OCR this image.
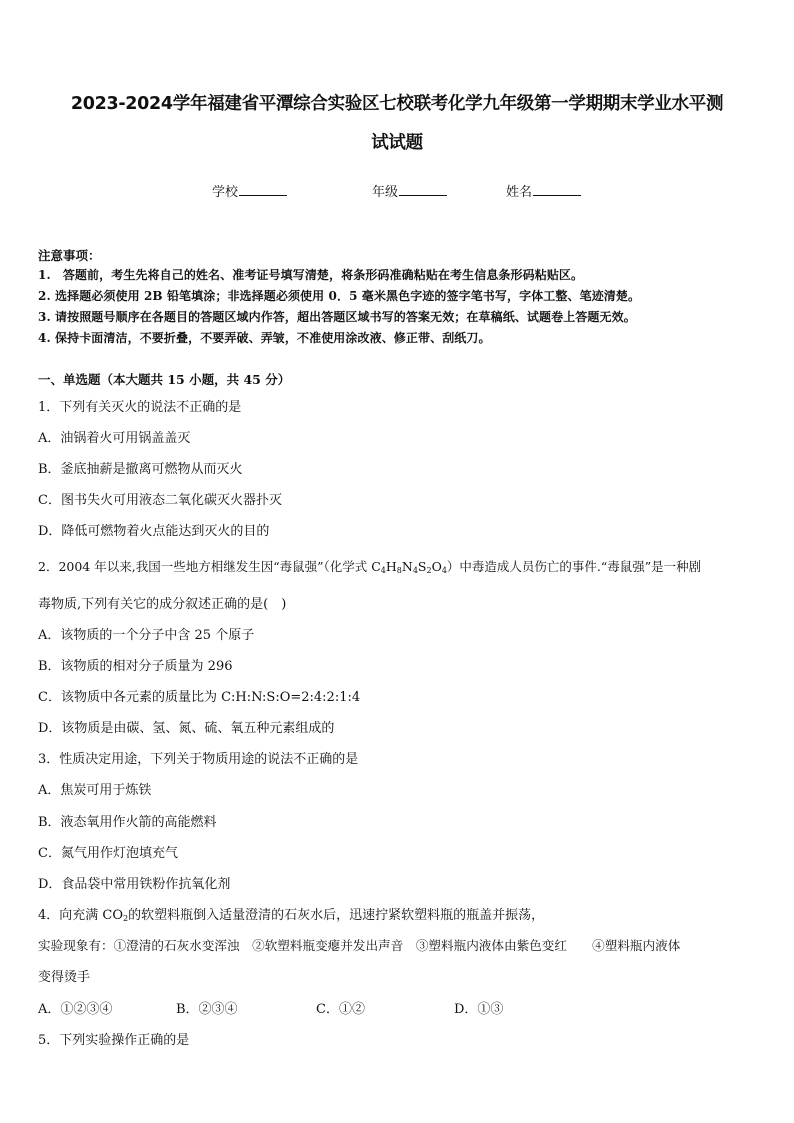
2023-2024学年福建省平潭综合实验区七校联考化学九年级第一学期期末学业水平测
试试题
学校	年级	姓名
注意事项：
1.　答题前，考生先将自己的姓名、准考证号填写清楚，将条形码准确粘贴在考生信息条形码粘贴区。
2. 选择题必须使用 2B 铅笔填涂；非选择题必须使用 0．5 毫米黑色字迹的签字笔书写，字体工整、笔迹清楚。
3. 请按照题号顺序在各题目的答题区域内作答，超出答题区域书写的答案无效；在草稿纸、试题卷上答题无效。
4. 保持卡面清洁，不要折叠，不要弄破、弄皱，不准使用涂改液、修正带、刮纸刀。
一、单选题（本大题共 15 小题，共 45 分）
1．下列有关灭火的说法不正确的是
A．油锅着火可用锅盖盖灭
B．釜底抽薪是撤离可燃物从而灭火
C．图书失火可用液态二氧化碳灭火器扑灭
D．降低可燃物着火点能达到灭火的目的
2．2004 年以来,我国一些地方相继发生因“毒鼠强”（化学式 $C_4H_8N_4S_2O_4$）中毒造成人员伤亡的事件.“毒鼠强”是一种剧
毒物质,下列有关它的成分叙述正确的是(　)
A．该物质的一个分子中含 25 个原子
B．该物质的相对分子质量为 296
C．该物质中各元素的质量比为 C:H:N:S:O=2:4:2:1:4
D．该物质是由碳、氢、氮、硫、氧五种元素组成的
3．性质决定用途，下列关于物质用途的说法不正确的是
A．焦炭可用于炼铁
B．液态氧用作火箭的高能燃料
C．氮气用作灯泡填充气
D．食品袋中常用铁粉作抗氧化剂
4．向充满 $CO_2$的软塑料瓶倒入适量澄清的石灰水后，迅速拧紧软塑料瓶的瓶盖并振荡，
实验现象有：①澄清的石灰水变浑浊　②软塑料瓶变瘪并发出声音　③塑料瓶内液体由紫色变红　　④塑料瓶内液体
变得烫手
A．①②③④	B．②③④	C．①②	D．①③
5．下列实验操作正确的是
